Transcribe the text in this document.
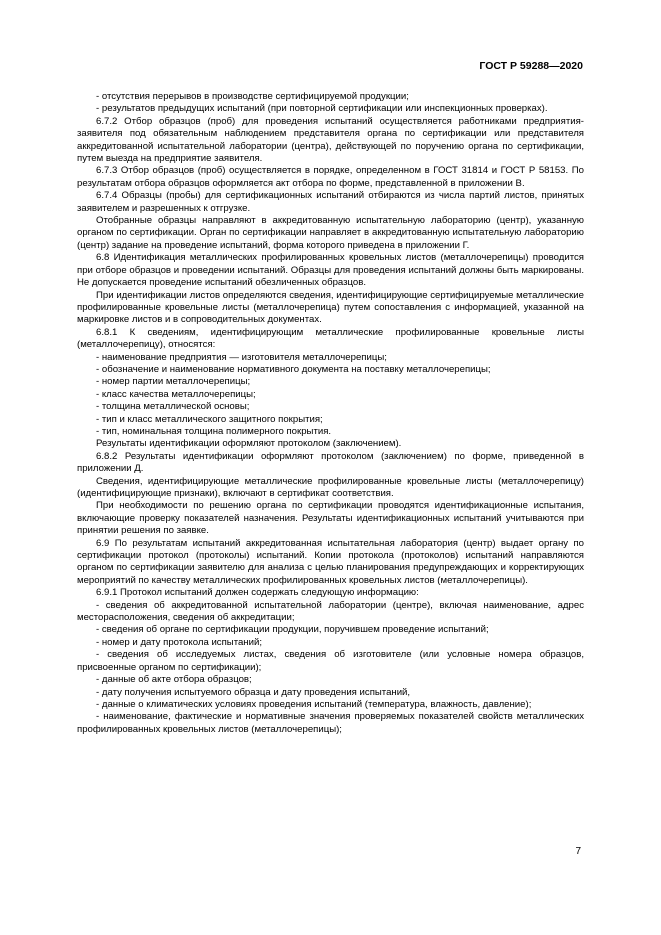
ГОСТ Р 59288—2020

- отсутствия перерывов в производстве сертифицируемой продукции;

- результатов предыдущих испытаний (при повторной сертификации или инспекционных проверках).

6.7.2 Отбор образцов (проб) для проведения испытаний осуществляется работниками предприятия-заявителя под обязательным наблюдением представителя органа по сертификации или представителя аккредитованной испытательной лаборатории (центра), действующей по поручению органа по сертификации, путем выезда на предприятие заявителя.

6.7.3 Отбор образцов (проб) осуществляется в порядке, определенном в ГОСТ 31814 и ГОСТ Р 58153. По результатам отбора образцов оформляется акт отбора по форме, представленной в приложении В.

6.7.4 Образцы (пробы) для сертификационных испытаний отбираются из числа партий листов, принятых заявителем и разрешенных к отгрузке.

Отобранные образцы направляют в аккредитованную испытательную лабораторию (центр), указанную органом по сертификации. Орган по сертификации направляет в аккредитованную испытательную лабораторию (центр) задание на проведение испытаний, форма которого приведена в приложении Г.

6.8 Идентификация металлических профилированных кровельных листов (металлочерепицы) проводится при отборе образцов и проведении испытаний. Образцы для проведения испытаний должны быть маркированы. Не допускается проведение испытаний обезличенных образцов.

При идентификации листов определяются сведения, идентифицирующие сертифицируемые металлические профилированные кровельные листы (металлочерепица) путем сопоставления с информацией, указанной на маркировке листов и в сопроводительных документах.

6.8.1 К сведениям, идентифицирующим металлические профилированные кровельные листы (металлочерепицу), относятся:

- наименование предприятия — изготовителя металлочерепицы;

- обозначение и наименование нормативного документа на поставку металлочерепицы;

- номер партии металлочерепицы;

- класс качества металлочерепицы;

- толщина металлической основы;

- тип и класс металлического защитного покрытия;

- тип, номинальная толщина полимерного покрытия.

Результаты идентификации оформляют протоколом (заключением).

6.8.2 Результаты идентификации оформляют протоколом (заключением) по форме, приведенной в приложении Д.

Сведения, идентифицирующие металлические профилированные кровельные листы (металлочерепицу) (идентифицирующие признаки), включают в сертификат соответствия.

При необходимости по решению органа по сертификации проводятся идентификационные испытания, включающие проверку показателей назначения. Результаты идентификационных испытаний учитываются при принятии решения по заявке.

6.9 По результатам испытаний аккредитованная испытательная лаборатория (центр) выдает органу по сертификации протокол (протоколы) испытаний. Копии протокола (протоколов) испытаний направляются органом по сертификации заявителю для анализа с целью планирования предупреждающих и корректирующих мероприятий по качеству металлических профилированных кровельных листов (металлочерепицы).

6.9.1 Протокол испытаний должен содержать следующую информацию:

- сведения об аккредитованной испытательной лаборатории (центре), включая наименование, адрес месторасположения, сведения об аккредитации;

- сведения об органе по сертификации продукции, поручившем проведение испытаний;

- номер и дату протокола испытаний;

- сведения об исследуемых листах, сведения об изготовителе (или условные номера образцов, присвоенные органом по сертификации);

- данные об акте отбора образцов;

- дату получения испытуемого образца и дату проведения испытаний,

- данные о климатических условиях проведения испытаний (температура, влажность, давление);

- наименование, фактические и нормативные значения проверяемых показателей свойств металлических профилированных кровельных листов (металлочерепицы);

7
